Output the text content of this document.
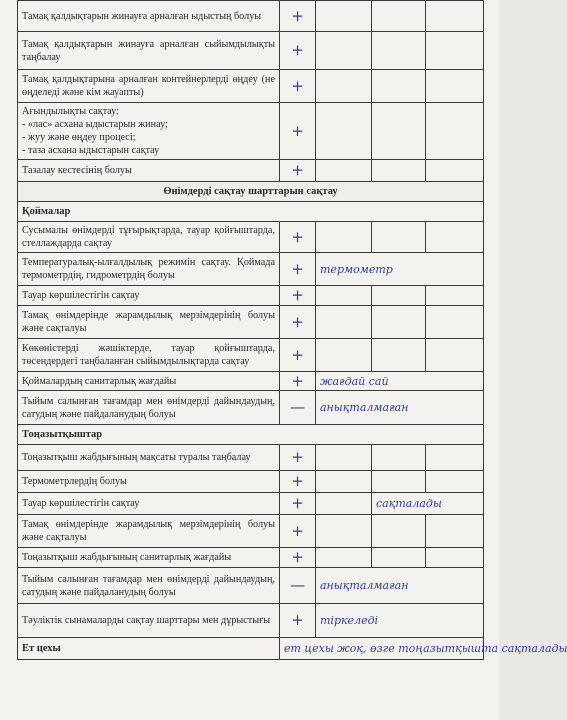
Тамақ қалдықтарын жинауға арналған ыдыстың болуы	+			
Тамақ қалдықтарын жинауға арналған сыйымдылықты таңбалау	+			
Тамақ қалдықтарына арналған контейнерлерді өңдеу (не өңделеді және кім жауапты)	+			
Ағындылықты сақтау:
- «лас» асхана ыдыстарын жинау;
- жуу және өңдеу процесі;
- таза асхана ыдыстарын сақтау	+			
Тазалау кестесінің болуы	+			
Өнімдерді сақтау шарттарын сақтау				
Қоймалар				
Сусымалы өнімдерді тұғырықтарда, тауар қойғыштарда, стеллаждарда сақтау	+			
Температуралық-ылғалдылық режимін сақтау. Қоймада термометрдің, гидрометрдің болуы	+	термометр		
Тауар көршілестігін сақтау	+			
Тамақ өнімдерінде жарамдылық мерзімдерінің болуы және сақталуы	+			
Көкөністерді жәшіктерде, тауар қойғыштарда, төсендердегі таңбаланған сыйымдылықтарда сақтау	+			
Қоймалардың санитарлық жағдайы	+	жағдай сай		
Тыйым салынған тағамдар мен өнімдерді дайындаудың, сатудың және пайдаланудың болуы	—	анықталмаған		
Тоңазытқыштар				
Тоңазытқыш жабдығының мақсаты туралы таңбалау	+			
Термометрлердің болуы	+			
Тауар көршілестігін сақтау	+		сақталады	
Тамақ өнімдерінде жарамдылық мерзімдерінің болуы және сақталуы	+			
Тоңазытқыш жабдығының санитарлық жағдайы	+			
Тыйым салынған тағамдар мен өнімдерді дайындаудың, сатудың және пайдаланудың болуы	—	анықталмаған		
Тәуліктік сынамаларды сақтау шарттары мен дұрыстығы	+	тіркеледі		
Ет цехы	ет цехы жоқ, өзге тоңазытқышта сақталады			
